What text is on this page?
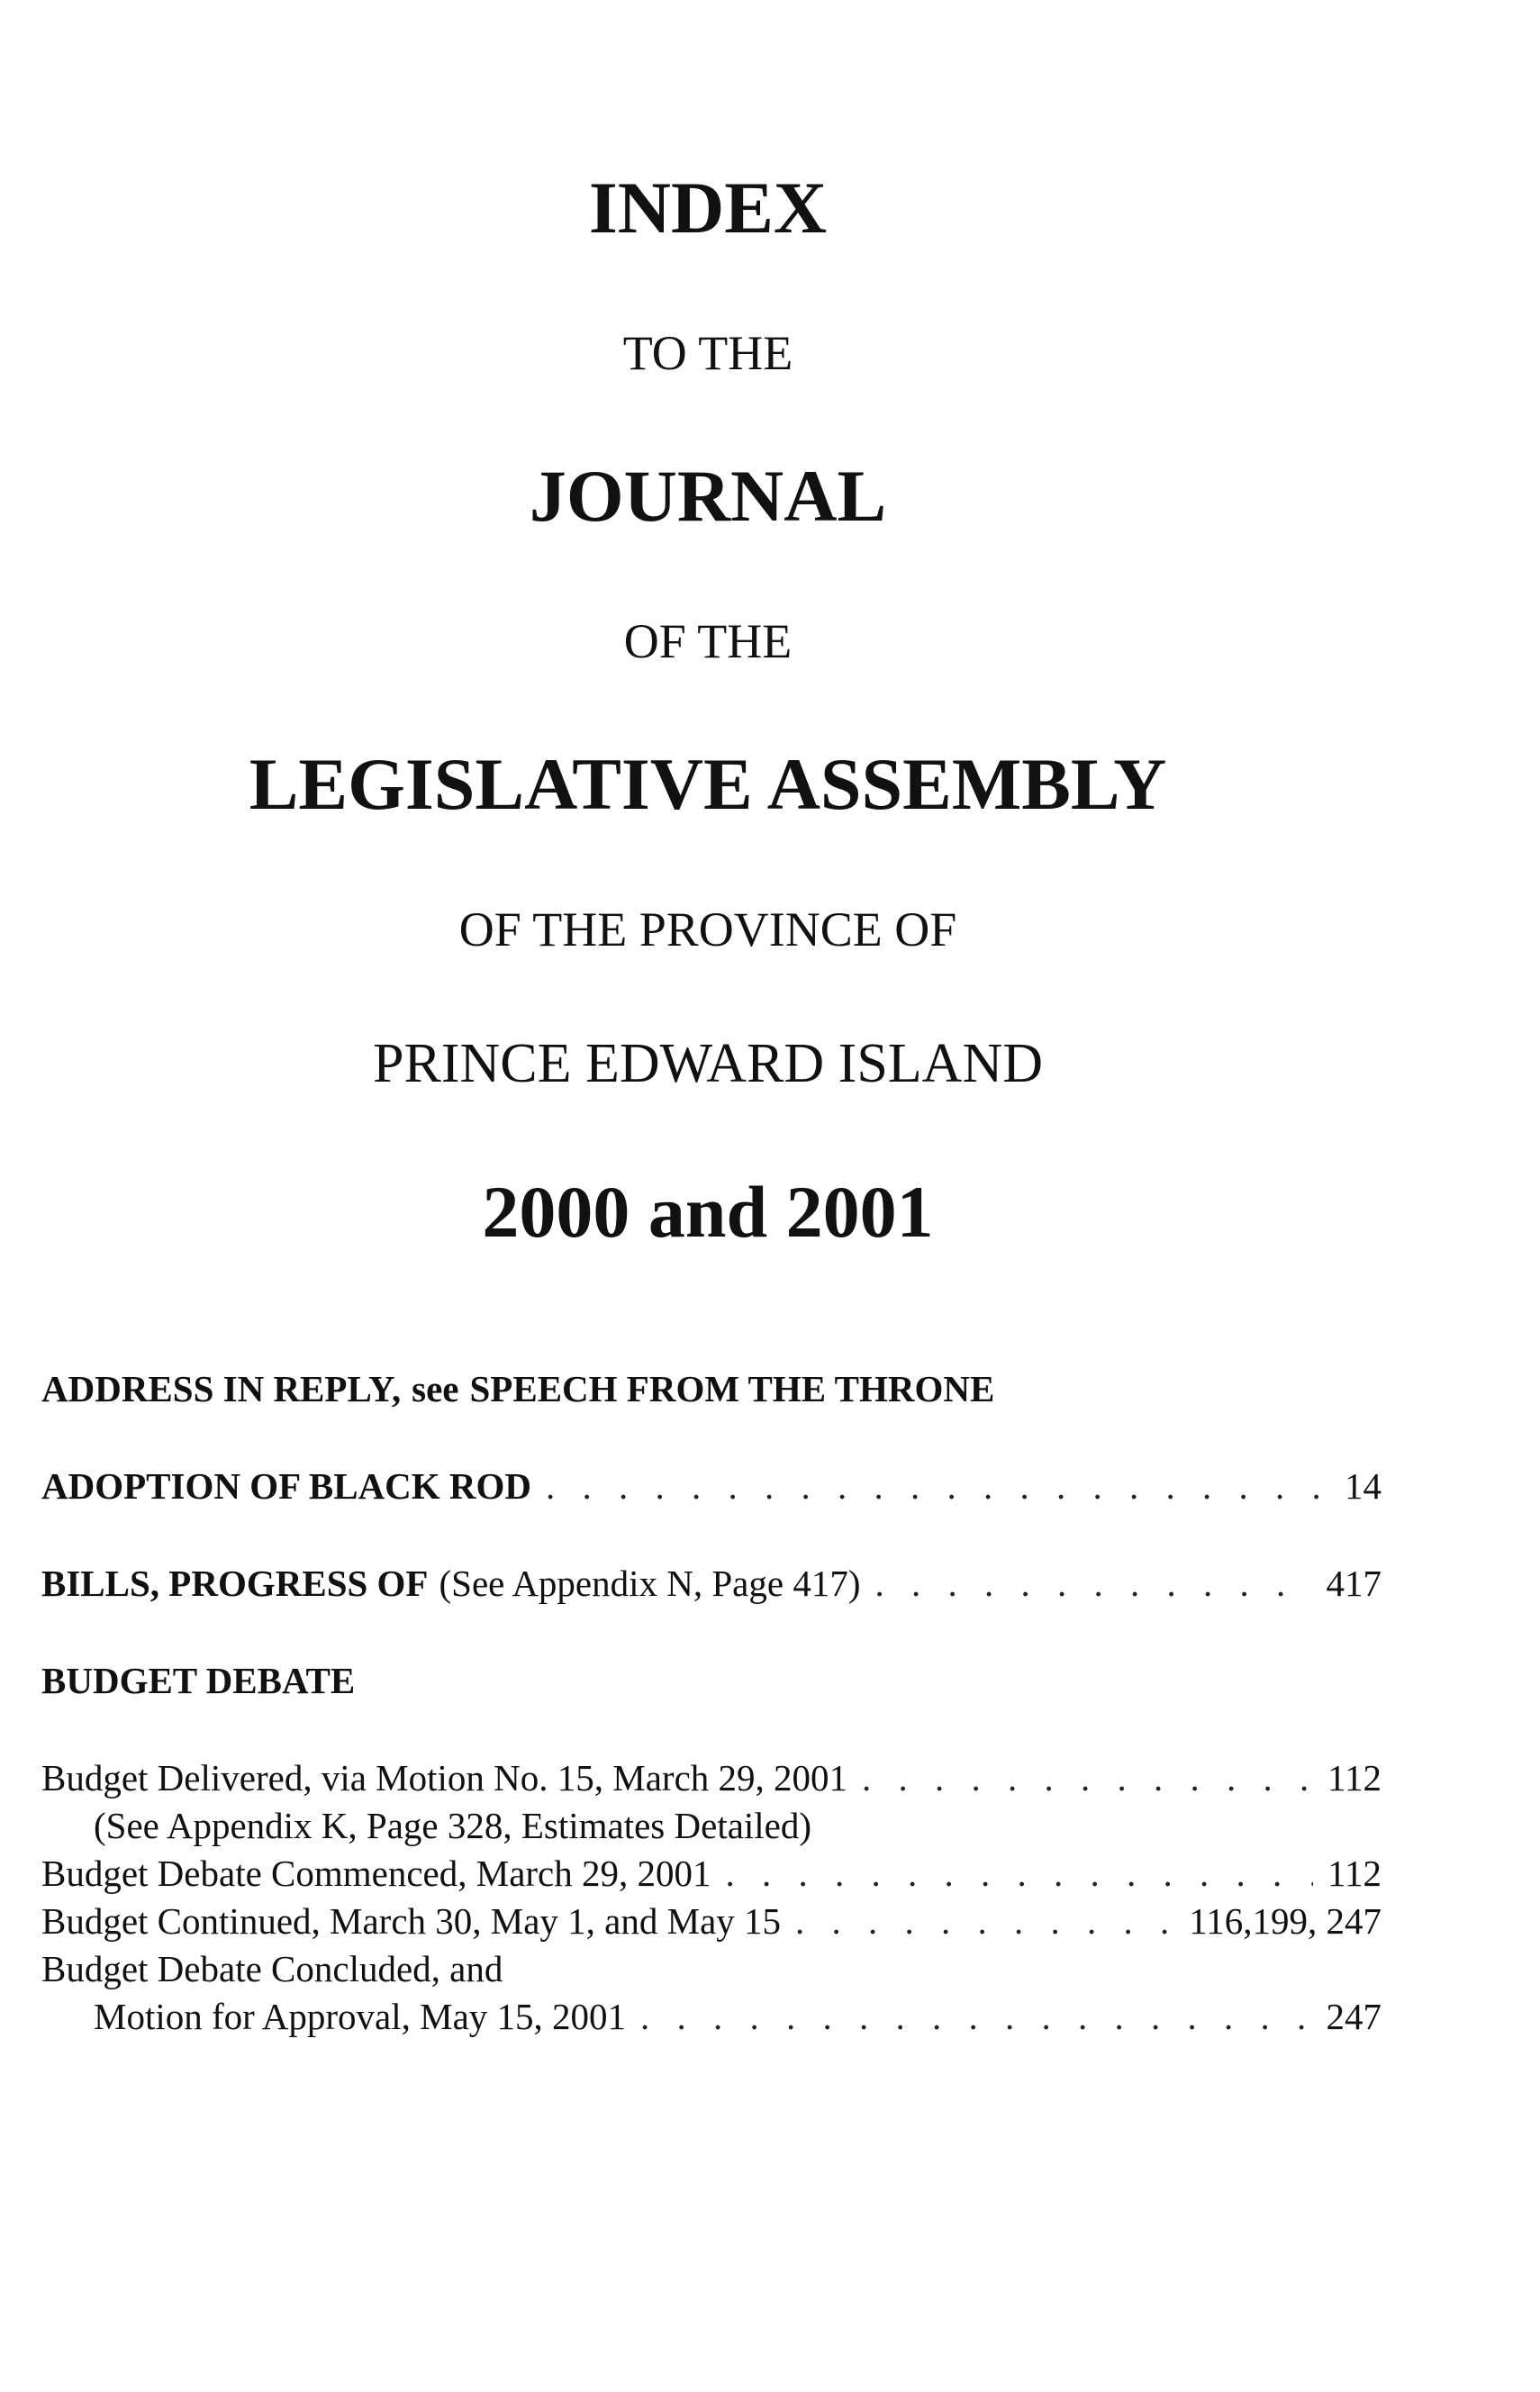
INDEX
TO THE
JOURNAL
OF THE
LEGISLATIVE ASSEMBLY
OF THE PROVINCE OF
PRINCE EDWARD ISLAND
2000 and 2001
ADDRESS IN REPLY, see SPEECH FROM THE THRONE
ADOPTION OF BLACK ROD . . .	14
BILLS, PROGRESS OF (See Appendix N, Page 417) . . .	417
BUDGET DEBATE
Budget Delivered, via Motion No. 15, March 29, 2001 . . .	112
(See Appendix K, Page 328, Estimates Detailed)
Budget Debate Commenced, March 29, 2001 . . .	112
Budget Continued, March 30, May 1, and May 15 . . .	116,199, 247
Budget Debate Concluded, and
Motion for Approval, May 15, 2001 . . .	247
